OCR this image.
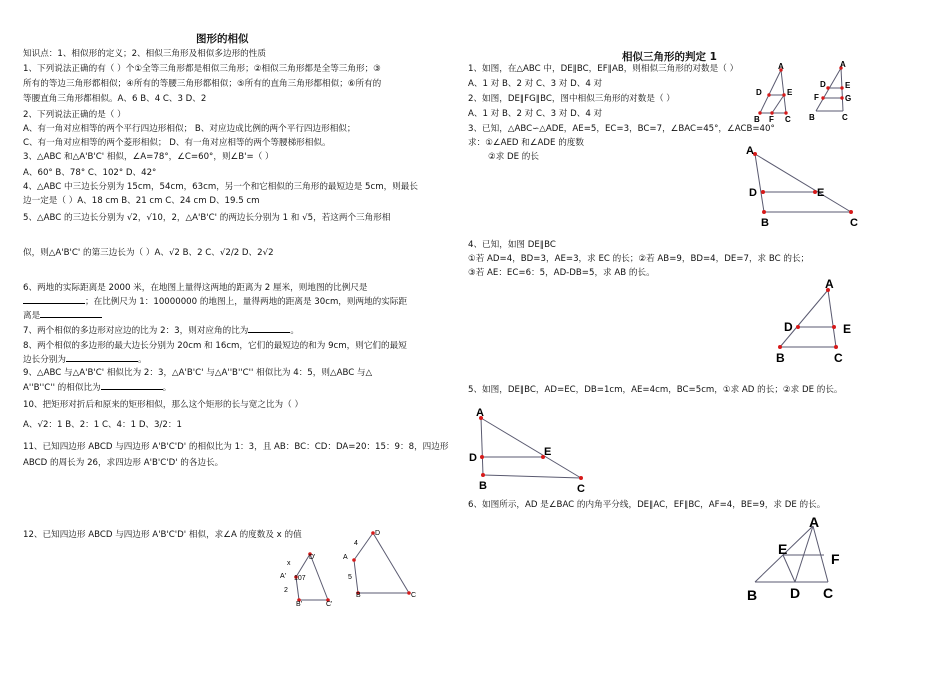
图形的相似
知识点：1、相似形的定义；2、相似三角形及相似多边形的性质
1、下列说法正确的有（ ）个①全等三角形都是相似三角形；②相似三角形都是全等三角形；③
所有的等边三角形都相似；④所有的等腰三角形都相似；⑤所有的直角三角形都相似；⑥所有的
等腰直角三角形都相似。A、6 B、4 C、3 D、2
2、下列说法正确的是（ ）
A、有一角对应相等的两个平行四边形相似； B、对应边成比例的两个平行四边形相似；
C、有一角对应相等的两个菱形相似； D、有一角对应相等的两个等腰梯形相似。
3、△ABC 和△A'B'C' 相似，∠A=78°，∠C=60°，则∠B'=（ ）
A、60° B、78° C、102° D、42°
4、△ABC 中三边长分别为 15cm，54cm，63cm，另一个和它相似的三角形的最短边是 5cm，则最长
边一定是（ ）A、18 cm B、21 cm C、24 cm D、19.5 cm
5、△ABC 的三边长分别为 √2，√10，2，△A'B'C' 的两边长分别为 1 和 √5，若这两个三角形相
似，则△A'B'C' 的第三边长为（ ）A、√2 B、2 C、√2/2 D、2√2
6、两地的实际距离是 2000 米，在地图上量得这两地的距离为 2 厘米，则地图的比例尺是
；在比例尺为 1：10000000 的地图上，量得两地的距离是 30cm，则两地的实际距
离是
7、两个相似的多边形对应边的比为 2：3，则对应角的比为	。
8、两个相似的多边形的最大边长分别为 20cm 和 16cm，它们的最短边的和为 9cm，则它们的最短
边长分别为	。
9、△ABC 与△A'B'C' 相似比为 2：3，△A'B'C' 与△A''B''C'' 相似比为 4：5，则△ABC 与△
A''B''C'' 的相似比为	。
10、把矩形对折后和原来的矩形相似，那么这个矩形的长与宽之比为（ ）
A、√2：1 B、2：1 C、4：1 D、3/2：1
11、已知四边形 ABCD 与四边形 A'B'C'D' 的相似比为 1：3，且 AB：BC：CD：DA=20：15：9：8，四边形
ABCD 的周长为 26，求四边形 A'B'C'D' 的各边长。
12、已知四边形 ABCD 与四边形 A'B'C'D' 相似，求∠A 的度数及 x 的值
D'
x
A' 107
2
B'	C'
D
4
A
5
B	C
相似三角形的判定 1
1、如图，在△ABC 中，DE∥BC，EF∥AB，则相似三角形的对数是（ ）
A、1 对 B、2 对 C、3 对 D、4 对
2、如图，DE∥FG∥BC，图中相似三角形的对数是（ ）
A、1 对 B、2 对 C、3 对 D、4 对
3、已知，△ABC∽△ADE，AE=5，EC=3，BC=7，∠BAC=45°，∠ACB=40°
求：①∠AED 和∠ADE 的度数
②求 DE 的长
A
D	E
B F C
A
D E
F	G
B	C
A
D	E
B	C
4、已知，如图 DE∥BC
①若 AD=4，BD=3，AE=3，求 EC 的长；②若 AB=9，BD=4，DE=7，求 BC 的长；
③若 AE：EC=6：5，AD-DB=5，求 AB 的长。
A
D	E
B	C
5、如图，DE∥BC，AD=EC，DB=1cm，AE=4cm，BC=5cm，①求 AD 的长；②求 DE 的长。
A
D	E
B	C
6、如图所示，AD 是∠BAC 的内角平分线，DE∥AC，EF∥BC，AF=4，BE=9，求 DE 的长。
A
E
F
B D C
